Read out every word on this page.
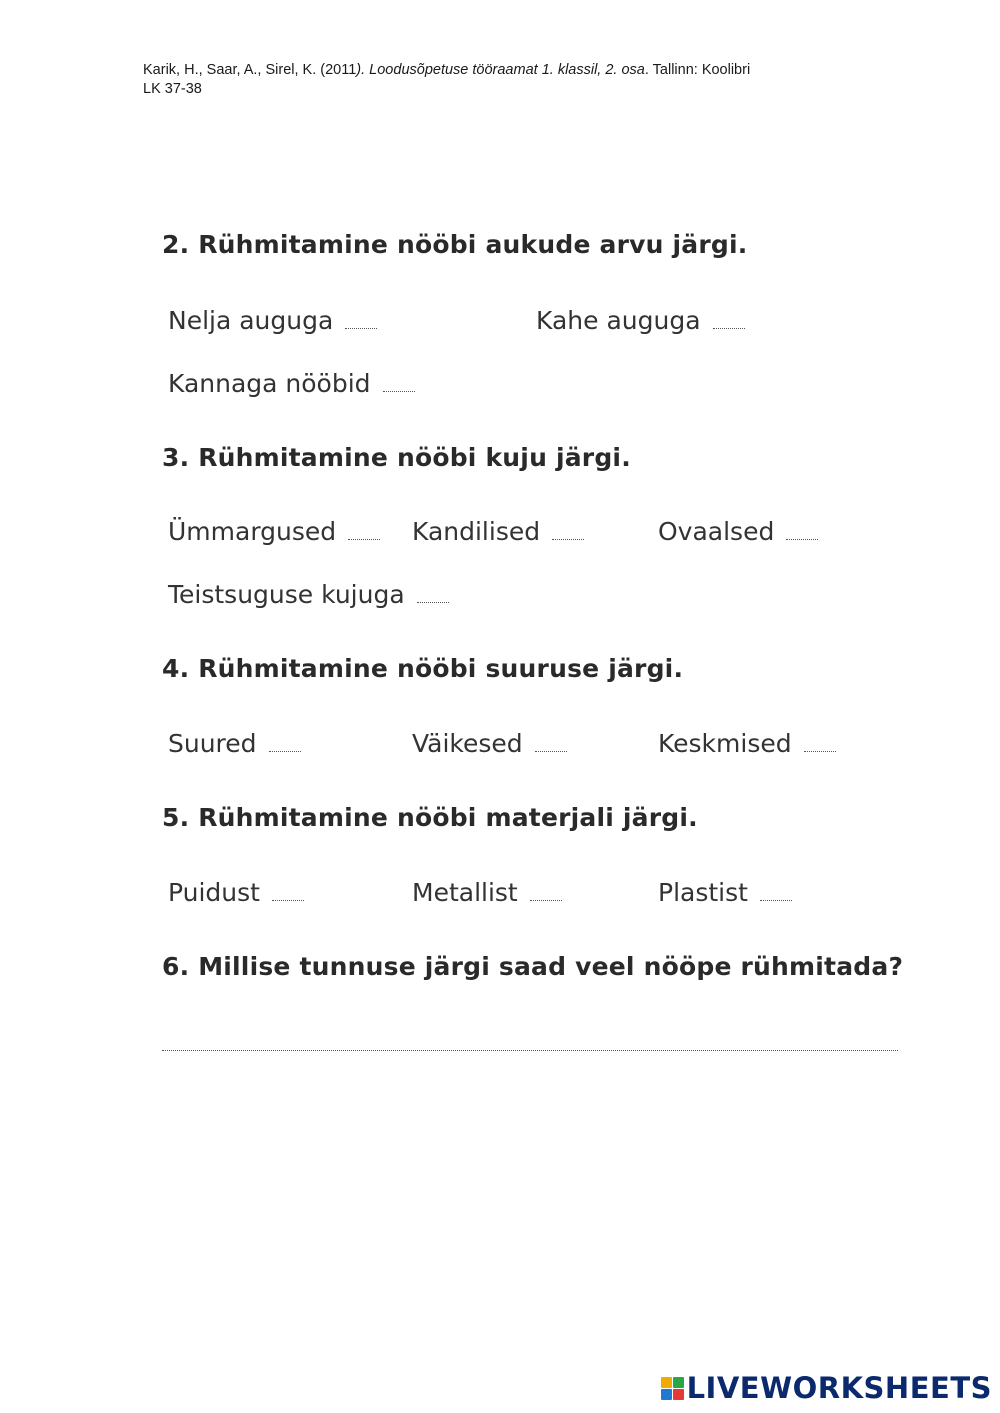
Karik, H., Saar, A., Sirel, K. (2011). Loodusõpetuse tööraamat 1. klassil, 2. osa. Tallinn: Koolibri
LK 37-38
2. Rühmitamine nööbi aukude arvu järgi.
Nelja auguga	Kahe auguga
Kannaga nööbid
3. Rühmitamine nööbi kuju järgi.
Ümmargused	Kandilised	Ovaalsed
Teistsuguse kujuga
4. Rühmitamine nööbi suuruse järgi.
Suured	Väikesed	Keskmised
5. Rühmitamine nööbi materjali järgi.
Puidust	Metallist	Plastist
6. Millise tunnuse järgi saad veel nööpe rühmitada?
LIVEWORKSHEETS
